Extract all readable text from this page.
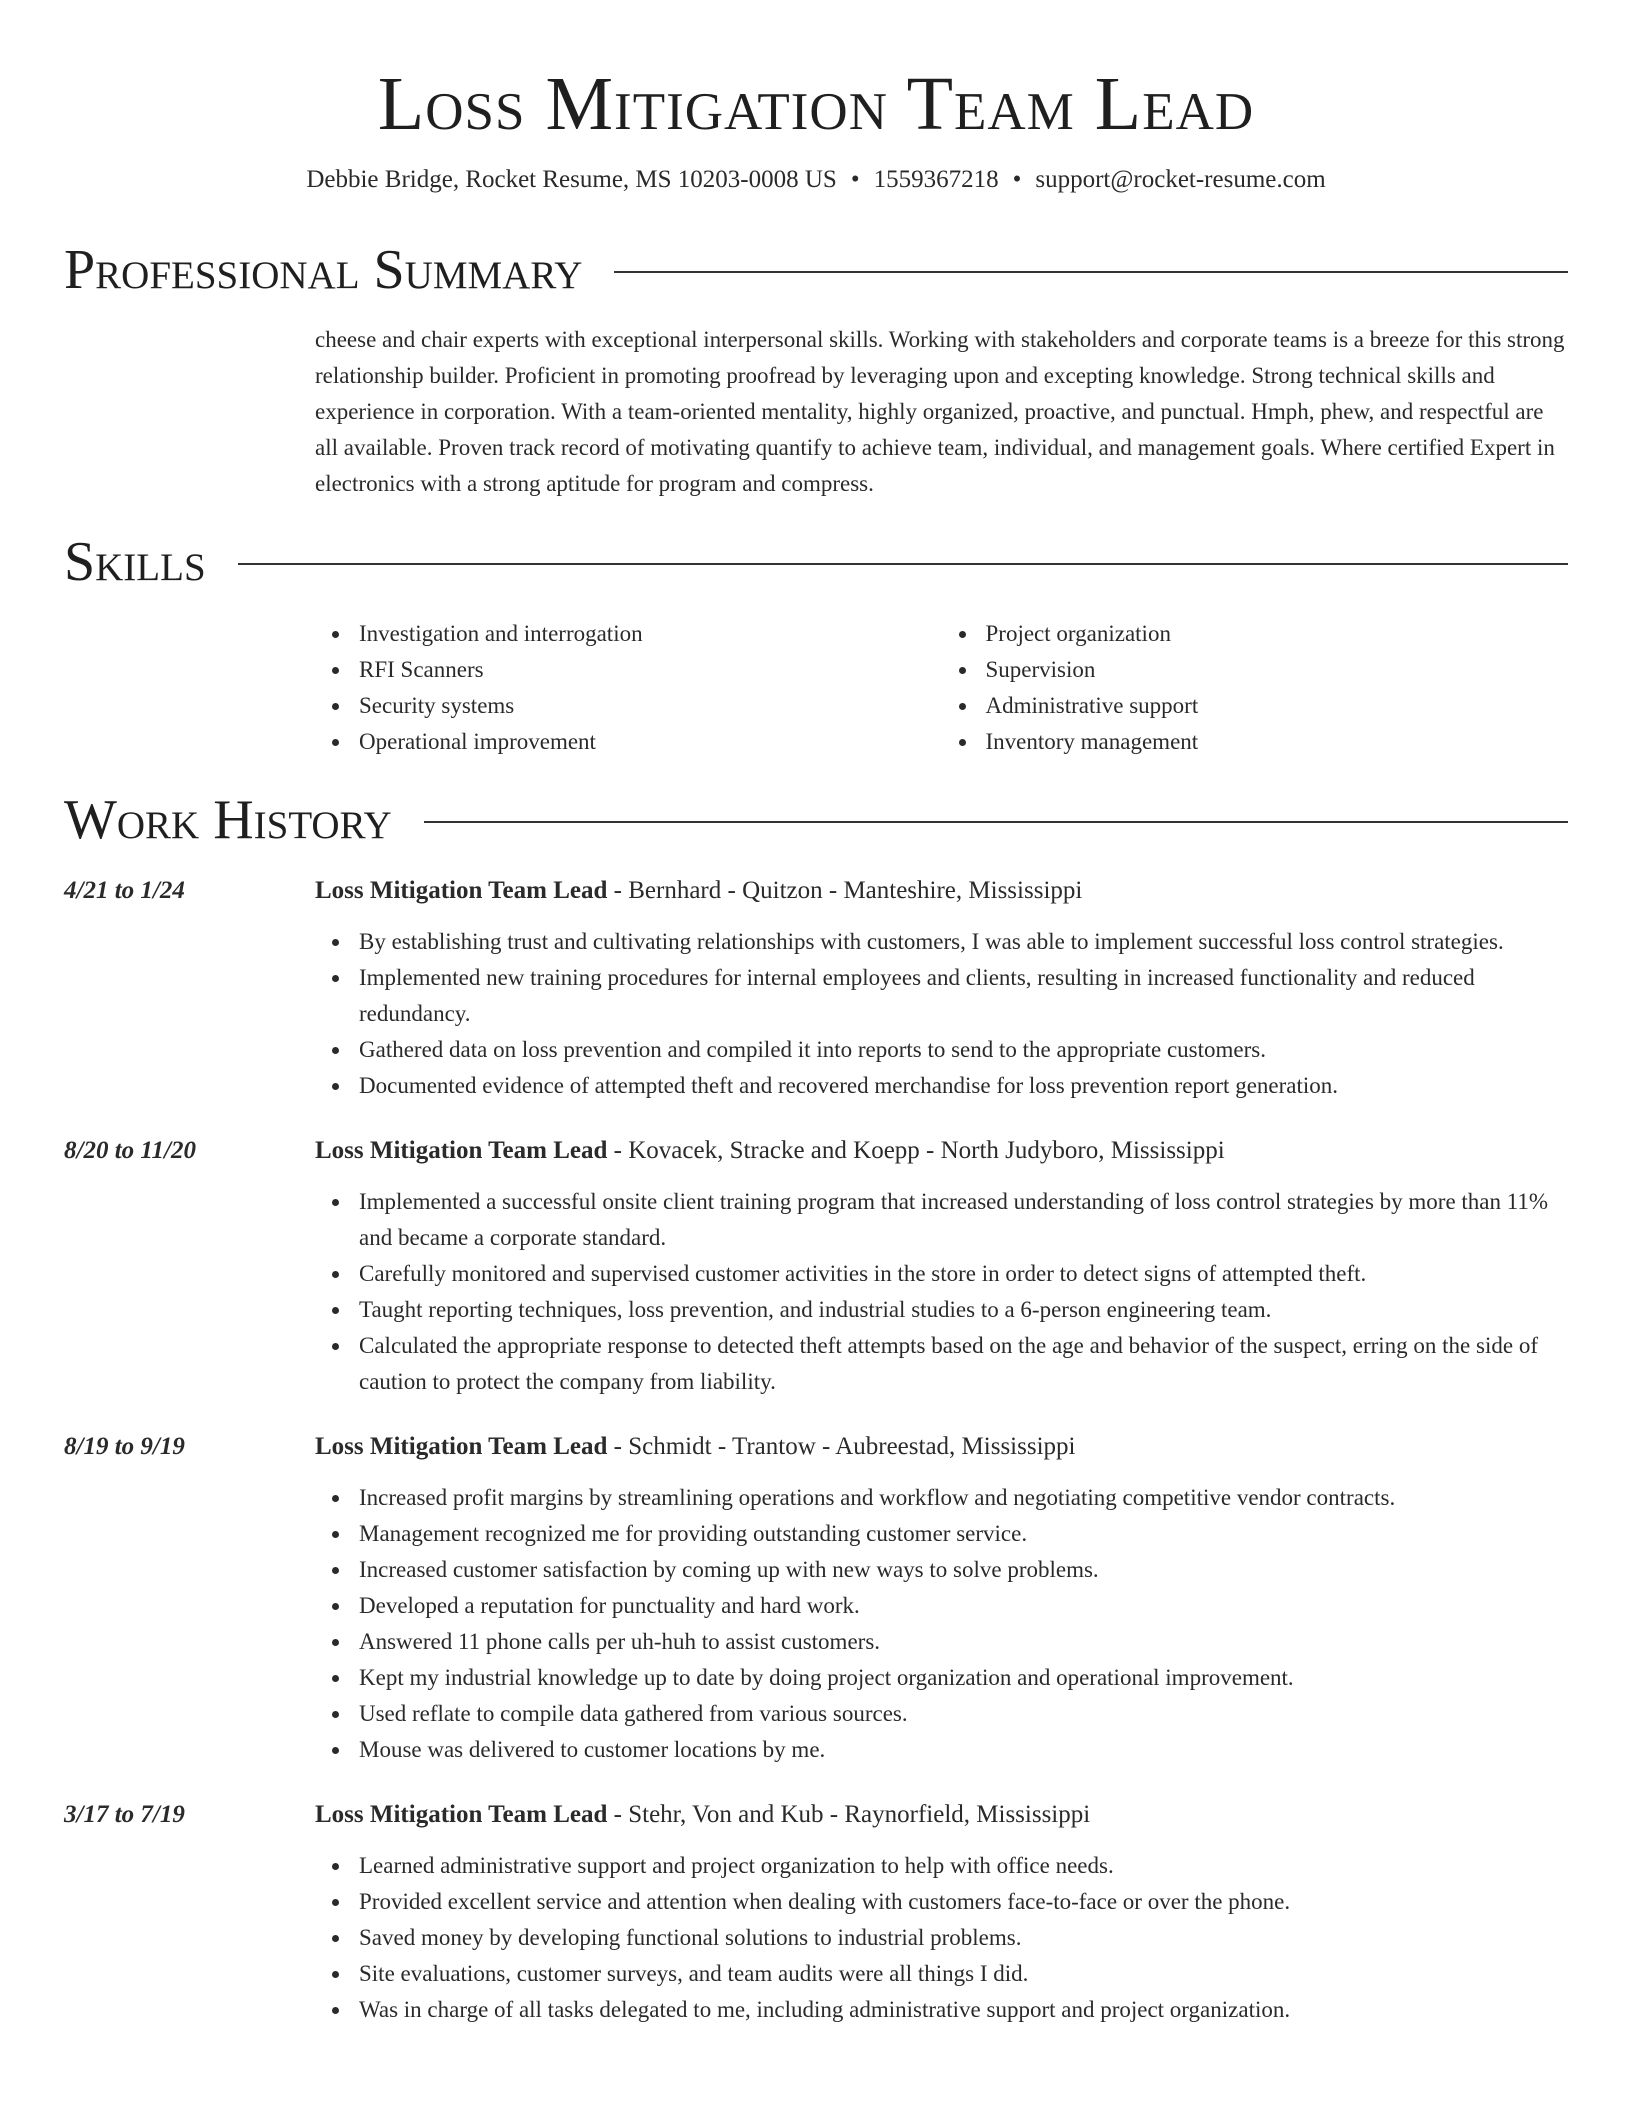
Loss Mitigation Team Lead
Debbie Bridge, Rocket Resume, MS 10203-0008 US • 1559367218 • support@rocket-resume.com
Professional Summary
cheese and chair experts with exceptional interpersonal skills. Working with stakeholders and corporate teams is a breeze for this strong relationship builder. Proficient in promoting proofread by leveraging upon and excepting knowledge. Strong technical skills and experience in corporation. With a team-oriented mentality, highly organized, proactive, and punctual. Hmph, phew, and respectful are all available. Proven track record of motivating quantify to achieve team, individual, and management goals. Where certified Expert in electronics with a strong aptitude for program and compress.
Skills
Investigation and interrogation
RFI Scanners
Security systems
Operational improvement
Project organization
Supervision
Administrative support
Inventory management
Work History
4/21 to 1/24	Loss Mitigation Team Lead - Bernhard - Quitzon - Manteshire, Mississippi
By establishing trust and cultivating relationships with customers, I was able to implement successful loss control strategies.
Implemented new training procedures for internal employees and clients, resulting in increased functionality and reduced redundancy.
Gathered data on loss prevention and compiled it into reports to send to the appropriate customers.
Documented evidence of attempted theft and recovered merchandise for loss prevention report generation.
8/20 to 11/20	Loss Mitigation Team Lead - Kovacek, Stracke and Koepp - North Judyboro, Mississippi
Implemented a successful onsite client training program that increased understanding of loss control strategies by more than 11% and became a corporate standard.
Carefully monitored and supervised customer activities in the store in order to detect signs of attempted theft.
Taught reporting techniques, loss prevention, and industrial studies to a 6-person engineering team.
Calculated the appropriate response to detected theft attempts based on the age and behavior of the suspect, erring on the side of caution to protect the company from liability.
8/19 to 9/19	Loss Mitigation Team Lead - Schmidt - Trantow - Aubreestad, Mississippi
Increased profit margins by streamlining operations and workflow and negotiating competitive vendor contracts.
Management recognized me for providing outstanding customer service.
Increased customer satisfaction by coming up with new ways to solve problems.
Developed a reputation for punctuality and hard work.
Answered 11 phone calls per uh-huh to assist customers.
Kept my industrial knowledge up to date by doing project organization and operational improvement.
Used reflate to compile data gathered from various sources.
Mouse was delivered to customer locations by me.
3/17 to 7/19	Loss Mitigation Team Lead - Stehr, Von and Kub - Raynorfield, Mississippi
Learned administrative support and project organization to help with office needs.
Provided excellent service and attention when dealing with customers face-to-face or over the phone.
Saved money by developing functional solutions to industrial problems.
Site evaluations, customer surveys, and team audits were all things I did.
Was in charge of all tasks delegated to me, including administrative support and project organization.
